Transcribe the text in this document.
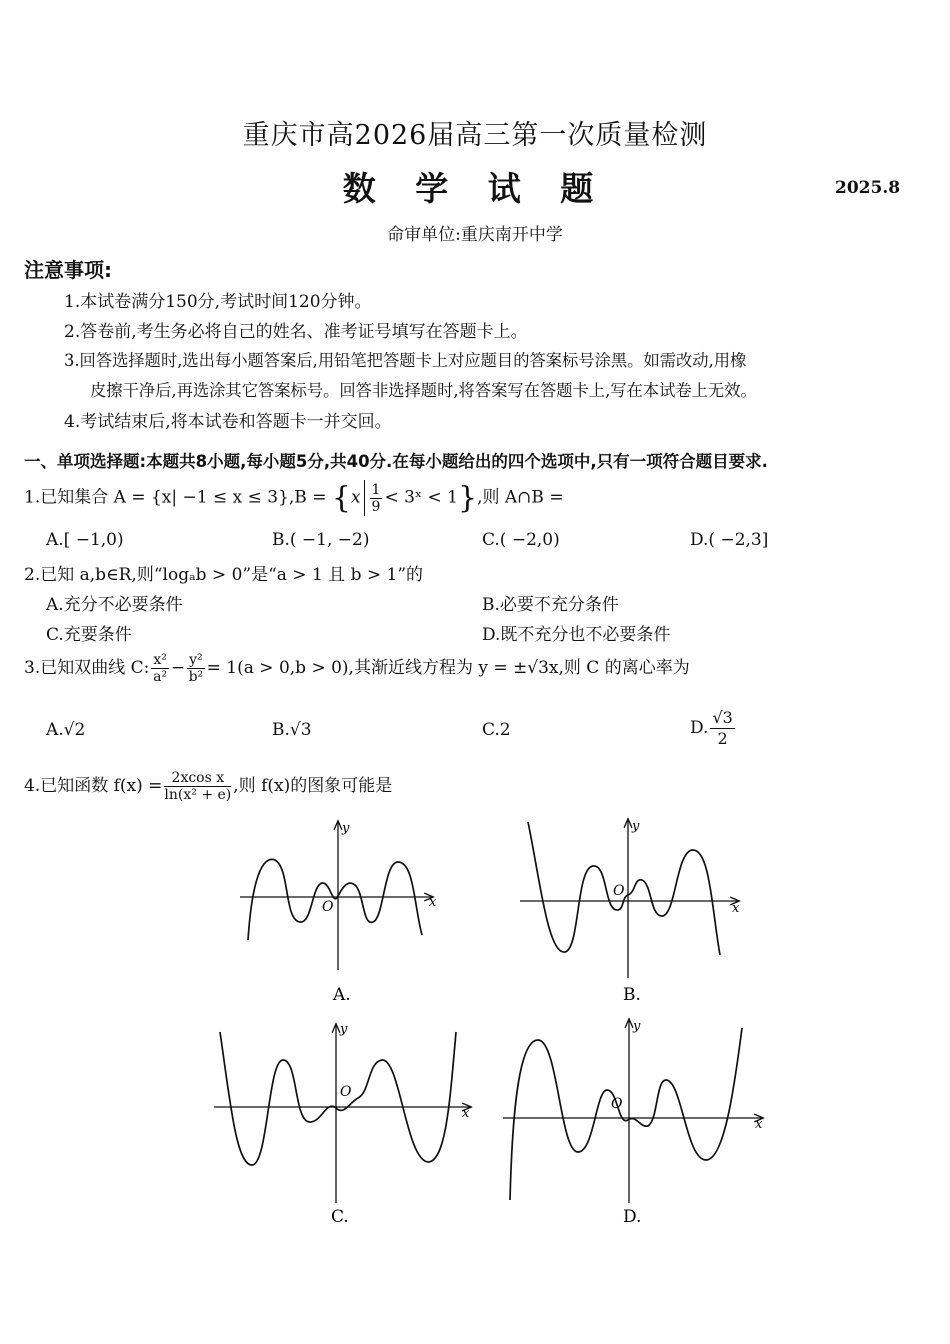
重庆市高2026届高三第一次质量检测
数 学 试 题	2025.8
命审单位:重庆南开中学
注意事项:
1.本试卷满分150分,考试时间120分钟。
2.答卷前,考生务必将自己的姓名、准考证号填写在答题卡上。
3.回答选择题时,选出每小题答案后,用铅笔把答题卡上对应题目的答案标号涂黑。如需改动,用橡
皮擦干净后,再选涂其它答案标号。回答非选择题时,将答案写在答题卡上,写在本试卷上无效。
4.考试结束后,将本试卷和答题卡一并交回。
一、单项选择题:本题共8小题,每小题5分,共40分.在每小题给出的四个选项中,只有一项符合题目要求.
1.已知集合 $A = \{x| -1 \le x \le 3\},B = \{x \frac{1}{9}$ < 3ˣ < 1},则 A∩B =
A.[ −1,0)	B.( −1, −2)	C.( −2,0)	D.( −2,3]
2.已知 a,b∈R,则“logₐb > 0”是“a > 1 且 b > 1”的
A.充分不必要条件	B.必要不充分条件
C.充要条件	D.既不充分也不必要条件
3.已知双曲线 C: $\frac{\text{x²}}{\text{a²}} - \frac{\text{y²}}{\text{b²}} = 1(a > 0,b > 0)$,其渐近线方程为 y = ±√3x,则 C 的离心率为
A.√2	B.√3	C.2	D. $\frac{√3}{2}$
4.已知函数 $f(x) = \frac{\text{2xcos x}}{\text{ln(x² + e)}}$ ,则 f(x)的图象可能是
x
y
O
A.
x
y
O
B.
x
y
O
C.
x
y
O
D.
